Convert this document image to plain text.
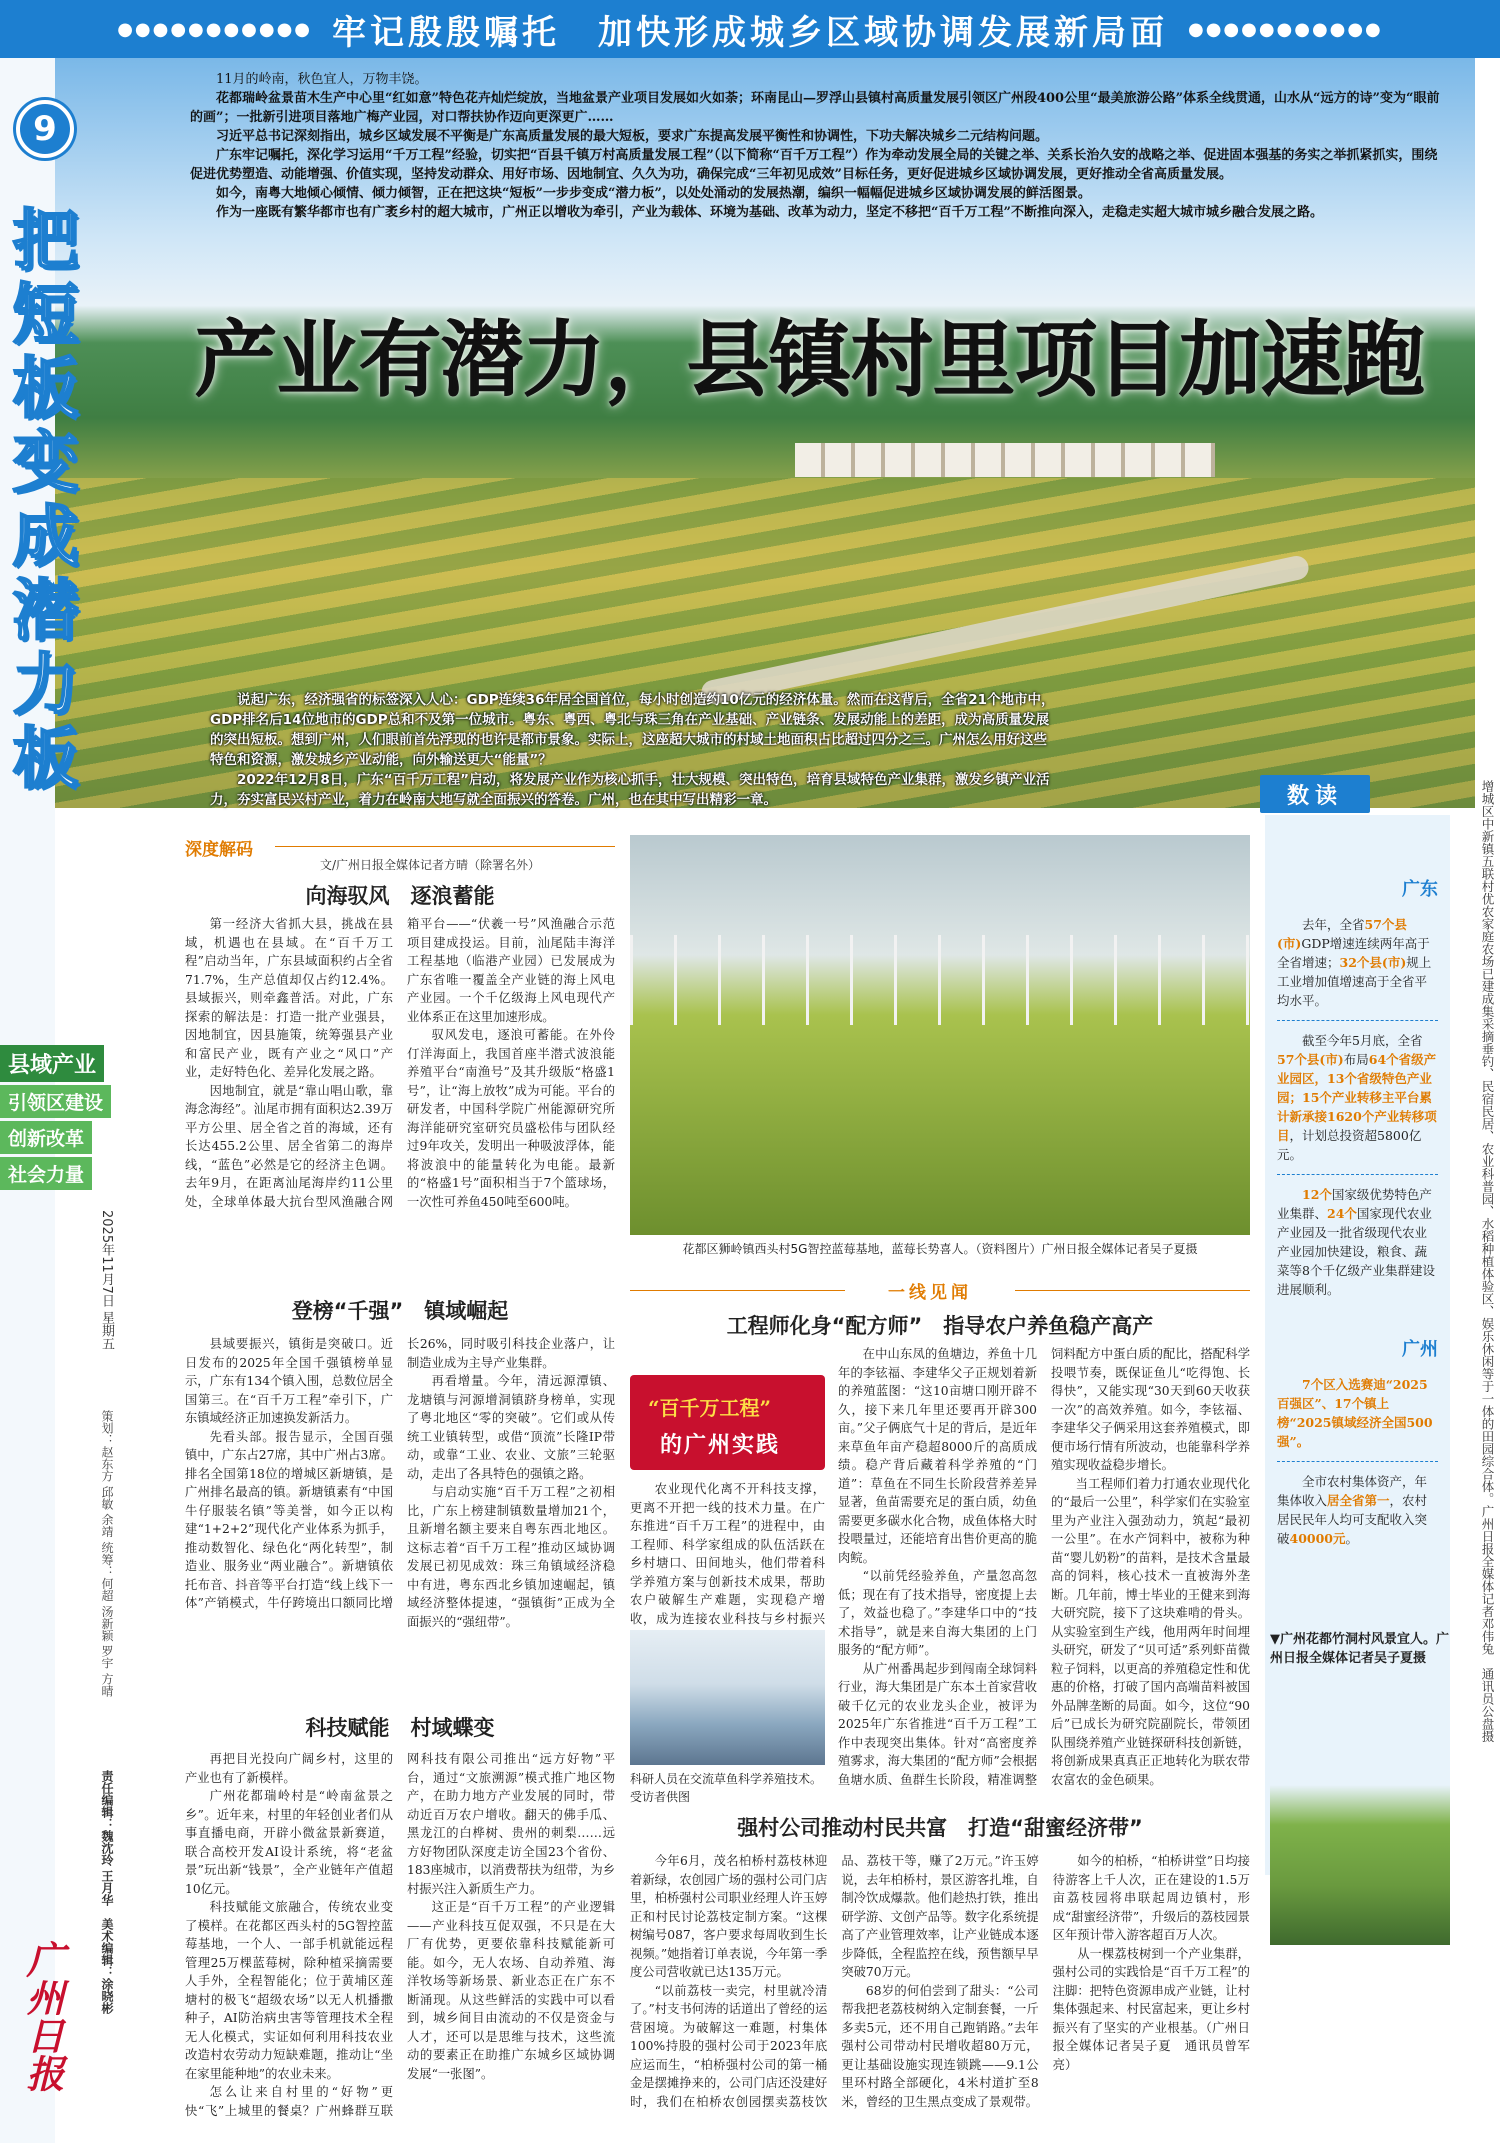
●●●●●●●●●●● 牢记殷殷嘱托　加快形成城乡区域协调发展新局面 ●●●●●●●●●●●
9
把短板变成潜力板
县域产业
引领区建设
创新改革
社会力量
2025年11月7日 星期五
策划：赵东方 邱敏 余靖 统筹：何超 汤新颖 罗宇 方晴
责任编辑：魏沈玲 王月华　美术编辑：涂晓彬
广州日报

11月的岭南，秋色宜人，万物丰饶。

花都瑞岭盆景苗木生产中心里“红如意”特色花卉灿烂绽放，当地盆景产业项目发展如火如荼；环南昆山—罗浮山县镇村高质量发展引领区广州段400公里“最美旅游公路”体系全线贯通，山水从“远方的诗”变为“眼前的画”；一批新引进项目落地广梅产业园，对口帮扶协作迈向更深更广……

习近平总书记深刻指出，城乡区域发展不平衡是广东高质量发展的最大短板，要求广东提高发展平衡性和协调性，下功夫解决城乡二元结构问题。

广东牢记嘱托，深化学习运用“千万工程”经验，切实把“百县千镇万村高质量发展工程”（以下简称“百千万工程”）作为牵动发展全局的关键之举、关系长治久安的战略之举、促进固本强基的务实之举抓紧抓实，围绕促进优势塑造、动能增强、价值实现，坚持发动群众、用好市场、因地制宜、久久为功，确保完成“三年初见成效”目标任务，更好促进城乡区域协调发展，更好推动全省高质量发展。

如今，南粤大地倾心倾情、倾力倾智，正在把这块“短板”一步步变成“潜力板”，以处处涌动的发展热潮，编织一幅幅促进城乡区域协调发展的鲜活图景。

作为一座既有繁华都市也有广袤乡村的超大城市，广州正以增收为牵引，产业为载体、环境为基础、改革为动力，坚定不移把“百千万工程”不断推向深入，走稳走实超大城市城乡融合发展之路。

产业有潜力，县镇村里项目加速跑

说起广东，经济强省的标签深入人心：GDP连续36年居全国首位，每小时创造约10亿元的经济体量。然而在这背后，全省21个地市中，GDP排名后14位地市的GDP总和不及第一位城市。粤东、粤西、粤北与珠三角在产业基础、产业链条、发展动能上的差距，成为高质量发展的突出短板。想到广州，人们眼前首先浮现的也许是都市景象。实际上，这座超大城市的村域土地面积占比超过四分之三。广州怎么用好这些特色和资源，激发城乡产业动能，向外输送更大“能量”？

2022年12月8日，广东“百千万工程”启动，将发展产业作为核心抓手，壮大规模、突出特色，培育县域特色产业集群，激发乡镇产业活力，夯实富民兴村产业，着力在岭南大地写就全面振兴的答卷。广州，也在其中写出精彩一章。

深度解码
文/广州日报全媒体记者方晴（除署名外）
向海驭风　逐浪蓄能

第一经济大省抓大县，挑战在县域，机遇也在县域。在“百千万工程”启动当年，广东县域面积约占全省71.7%，生产总值却仅占约12.4%。县域振兴，则牵鑫普活。对此，广东探索的解法是：打造一批产业强县，因地制宜，因县施策，统筹强县产业和富民产业，既有产业之“风口”产业，走好特色化、差异化发展之路。

因地制宜，就是“靠山唱山歌，靠海念海经”。汕尾市拥有面积达2.39万平方公里、居全省之首的海域，还有长达455.2公里、居全省第二的海岸线，“蓝色”必然是它的经济主色调。去年9月，在距离汕尾海岸约11公里处，全球单体最大抗台型风渔融合网箱平台——“伏羲一号”风渔融合示范项目建成投运。目前，汕尾陆丰海洋工程基地（临港产业园）已发展成为广东省唯一覆盖全产业链的海上风电产业园。一个千亿级海上风电现代产业体系正在这里加速形成。

驭风发电，逐浪可蓄能。在外伶仃洋海面上，我国首座半潜式波浪能养殖平台“南渔号”及其升级版“格盛1号”，让“海上放牧”成为可能。平台的研发者，中国科学院广州能源研究所海洋能研究室研究员盛松伟与团队经过9年攻关，发明出一种吸波浮体，能将波浪中的能量转化为电能。最新的“格盛1号”面积相当于7个篮球场，一次性可养鱼450吨至600吨。

登榜“千强”　镇域崛起

县域要振兴，镇街是突破口。近日发布的2025年全国千强镇榜单显示，广东有134个镇入围，总数位居全国第三。在“百千万工程”牵引下，广东镇域经济正加速换发新活力。

先看头部。报告显示，全国百强镇中，广东占27席，其中广州占3席。排名全国第18位的增城区新塘镇，是广州排名最高的镇。新塘镇素有“中国牛仔服装名镇”等美誉，如今正以构建“1+2+2”现代化产业体系为抓手，推动数智化、绿色化“两化转型”，制造业、服务业“两业融合”。新塘镇依托布音、抖音等平台打造“线上线下一体”产销模式，牛仔跨境出口额同比增长26%，同时吸引科技企业落户，让制造业成为主导产业集群。

再看增量。今年，清远源潭镇、龙塘镇与河源增洞镇跻身榜单，实现了粤北地区“零的突破”。它们或从传统工业镇转型，或借“顶流”长隆IP带动，或靠“工业、农业、文旅”三轮驱动，走出了各具特色的强镇之路。

与启动实施“百千万工程”之初相比，广东上榜建制镇数量增加21个，且新增名额主要来自粤东西北地区。这标志着“百千万工程”推动区域协调发展已初见成效：珠三角镇域经济稳中有进，粤东西北乡镇加速崛起，镇域经济整体提速，“强镇街”正成为全面振兴的“强纽带”。

科技赋能　村域蝶变

再把目光投向广阔乡村，这里的产业也有了新模样。

广州花都瑞岭村是“岭南盆景之乡”。近年来，村里的年轻创业者们从事直播电商，开辟小微盆景新赛道，联合高校开发AI设计系统，将“老盆景”玩出新“钱景”，全产业链年产值超10亿元。

科技赋能文旅融合，传统农业变了模样。在花都区西头村的5G智控蓝莓基地，一个人、一部手机就能远程管理25万棵蓝莓树，除种植采摘需要人手外，全程智能化；位于黄埔区莲塘村的极飞“超级农场”以无人机播撒种子，AI防治病虫害等管理技术全程无人化模式，实证如何利用科技农业改造村农劳动力短缺难题，推动让“坐在家里能种地”的农业未来。

怎么让来自村里的“好物”更快“飞”上城里的餐桌？广州蜂群互联网科技有限公司推出“远方好物”平台，通过“文旅溯源”模式推广地区物产，在助力地方产业发展的同时，带动近百万农户增收。翻天的佛手瓜、黑龙江的白桦树、贵州的刺梨……远方好物团队深度走访全国23个省份、183座城市，以消费帮扶为纽带，为乡村振兴注入新质生产力。

这正是“百千万工程”的产业逻辑——产业科技互促双强，不只是在大厂有优势，更要依靠科技赋能新可能。如今，无人农场、自动养殖、海洋牧场等新场景、新业态正在广东不断涌现。从这些鲜活的实践中可以看到，城乡间目由流动的不仅是资金与人才，还可以是思维与技术，这些流动的要素正在助推广东城乡区域协调发展“一张图”。

花都区狮岭镇西头村5G智控蓝莓基地，蓝莓长势喜人。（资料图片）广州日报全媒体记者吴子夏摄
一线见闻
工程师化身“配方师”　指导农户养鱼稳产高产
“百千万工程”
的广州实践

农业现代化离不开科技支撑，更离不开把一线的技术力量。在广东推进“百千万工程”的进程中，由工程师、科学家组成的队伍活跃在乡村塘口、田间地头，他们带着科学养殖方案与创新技术成果，帮助农户破解生产难题，实现稳产增收，成为连接农业科技与乡村振兴

在中山东凤的鱼塘边，养鱼十几年的李铉福、李建华父子正规划着新的养殖蓝图：“这10亩塘口刚开辟不久，接下来几年里还要再开辟300亩。”父子俩底气十足的背后，是近年来草鱼年亩产稳超8000斤的高质成绩。稳产背后藏着科学养殖的“门道”：草鱼在不同生长阶段营养差异显著，鱼苗需要充足的蛋白质，幼鱼需要更多碳水化合物，成鱼体格大时投喂量过，还能培育出售价更高的脆肉鲩。

“以前凭经验养鱼，产量忽高忽低；现在有了技术指导，密度提上去了，效益也稳了。”李建华口中的“技术指导”，就是来自海大集团的上门服务的“配方师”。

从广州番禺起步到闯南全球饲料行业，海大集团是广东本土首家营收破千亿元的农业龙头企业，被评为2025年广东省推进“百千万工程”工作中表现突出集体。针对“高密度养殖雾求，海大集团的“配方师”会根据鱼塘水质、鱼群生长阶段，精准调整饲料配方中蛋白质的配比，搭配科学投喂节奏，既保证鱼儿“吃得饱、长得快”，又能实现“30天到60天收获一次”的高效养殖。如今，李铉福、李建华父子俩采用这套养殖模式，即便市场行情有所波动，也能靠科学养殖实现收益稳步增长。

当工程师们着力打通农业现代化的“最后一公里”，科学家们在实验室里为产业注入强劲动力，筑起“最初一公里”。在水产饲料中，被称为种苗“婴儿奶粉”的苗料，是技术含量最高的饲料，核心技术一直被海外垄断。几年前，博士毕业的王健来到海大研究院，接下了这块难啃的骨头。从实验室到生产线，他用两年时间埋头研究，研发了“贝可适”系列虾苗微粒子饲料，以更高的养殖稳定性和优惠的价格，打破了国内高端苗料被国外品牌垄断的局面。如今，这位“90后”已成长为研究院副院长，带领团队围绕养殖产业链探研科技创新链，将创新成果真真正正地转化为联农带农富农的金色硕果。

科研人员在交流草鱼科学养殖技术。受访者供图
强村公司推动村民共富　打造“甜蜜经济带”

今年6月，茂名柏桥村荔枝林迎着新绿，农创园广场的强村公司门店里，柏桥强村公司职业经理人许玉婷正和村民讨论荔枝定制方案。“这棵树编号087，客户要求每周收到生长视频。”她指着订单表说，今年第一季度公司营收就已达135万元。

“以前荔枝一卖完，村里就冷清了。”村支书何涛的话道出了曾经的运营困境。为破解这一难题，村集体100%持股的强村公司于2023年底应运而生，“柏桥强村公司的第一桶金是摆摊挣来的，公司门店还没建好时，我们在柏桥农创园摆卖荔枝饮品、荔枝干等，赚了2万元。”许玉婷说，去年柏桥村，景区游客扎堆，自制冷饮成爆款。他们趁热打铁，推出研学游、文创产品等。数字化系统提高了产业管理效率，让产业链成本逐步降低，全程监控在线，预售额早早突破70万元。

68岁的何伯尝到了甜头：“公司帮我把老荔枝树纳入定制套餐，一斤多卖5元，还不用自己跑销路。”去年强村公司带动村民增收超80万元，更让基础设施实现连锁跳——9.1公里环村路全部硬化，4米村道扩至8米，曾经的卫生黑点变成了景观带。

如今的柏桥，“柏桥讲堂”日均接待游客上千人次，正在建设的1.5万亩荔枝园将串联起周边镇村，形成“甜蜜经济带”，升级后的荔枝园景区年预计带入游客超百万人次。

从一棵荔枝树到一个产业集群，强村公司的实践恰是“百千万工程”的注脚：把特色资源串成产业链，让村集体强起来、村民富起来，更让乡村振兴有了坚实的产业根基。（广州日报全媒体记者吴子夏　通讯员曾军亮）

广东
去年，全省57个县(市)GDP增速连续两年高于全省增速；32个县(市)规上工业增加值增速高于全省平均水平。
截至今年5月底，全省57个县(市)布局64个省级产业园区，13个省级特色产业园；15个产业转移主平台累计新承接1620个产业转移项目，计划总投资超5800亿元。
12个国家级优势特色产业集群、24个国家现代农业产业园及一批省级现代农业产业园加快建设，粮食、蔬菜等8个千亿级产业集群建设进展顺利。
广州
7个区入选赛迪“2025百强区”、17个镇上榜“2025镇域经济全国500强”。
全市农村集体资产，年集体收入居全省第一，农村居民民年人均可支配收入突破40000元。
数读
▼广州花都竹洞村风景宜人。广州日报全媒体记者吴子夏摄	增城区中新镇五联村优农家庭农场已建成集采摘垂钓、民宿民居、农业科普园、水稻种植体验区、娱乐休闲等于一体的田园综合体。广州日报全媒体记者邓伟兔　通讯员公盘摄
